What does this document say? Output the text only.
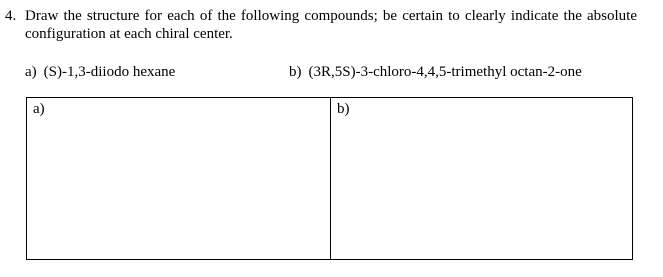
4. Draw the structure for each of the following compounds; be certain to clearly indicate the absolute configuration at each chiral center.
a) (S)-1,3-diiodo hexane	b) (3R,5S)-3-chloro-4,4,5-trimethyl octan-2-one
a)	b)
